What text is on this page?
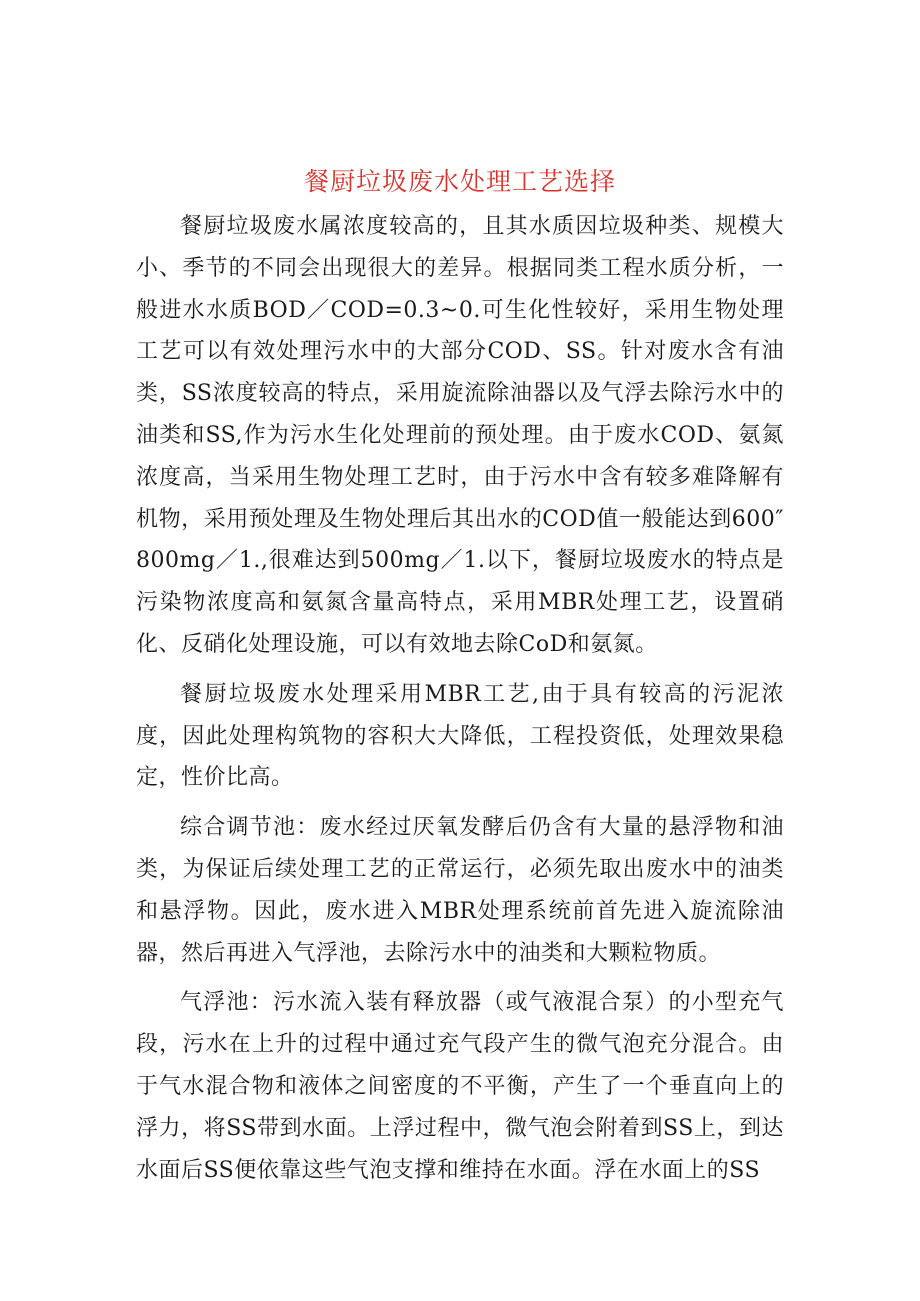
餐厨垃圾废水处理工艺选择

餐厨垃圾废水属浓度较高的，且其水质因垃圾种类、规模大小、季节的不同会出现很大的差异。根据同类工程水质分析，一般进水水质BOD／COD=0.3~0.可生化性较好，采用生物处理工艺可以有效处理污水中的大部分COD、SS。针对废水含有油类，SS浓度较高的特点，采用旋流除油器以及气浮去除污水中的油类和SS,作为污水生化处理前的预处理。由于废水COD、氨氮浓度高，当采用生物处理工艺时，由于污水中含有较多难降解有机物，采用预处理及生物处理后其出水的COD值一般能达到600″800mg／1.,很难达到500mg／1.以下，餐厨垃圾废水的特点是污染物浓度高和氨氮含量高特点，采用MBR处理工艺，设置硝化、反硝化处理设施，可以有效地去除CoD和氨氮。

餐厨垃圾废水处理采用MBR工艺,由于具有较高的污泥浓度，因此处理构筑物的容积大大降低，工程投资低，处理效果稳定，性价比高。

综合调节池：废水经过厌氧发酵后仍含有大量的悬浮物和油类，为保证后续处理工艺的正常运行，必须先取出废水中的油类和悬浮物。因此，废水进入MBR处理系统前首先进入旋流除油器，然后再进入气浮池，去除污水中的油类和大颗粒物质。

气浮池：污水流入装有释放器（或气液混合泵）的小型充气段，污水在上升的过程中通过充气段产生的微气泡充分混合。由于气水混合物和液体之间密度的不平衡，产生了一个垂直向上的浮力，将SS带到水面。上浮过程中，微气泡会附着到SS上，到达水面后SS便依靠这些气泡支撑和维持在水面。浮在水面上的SS
